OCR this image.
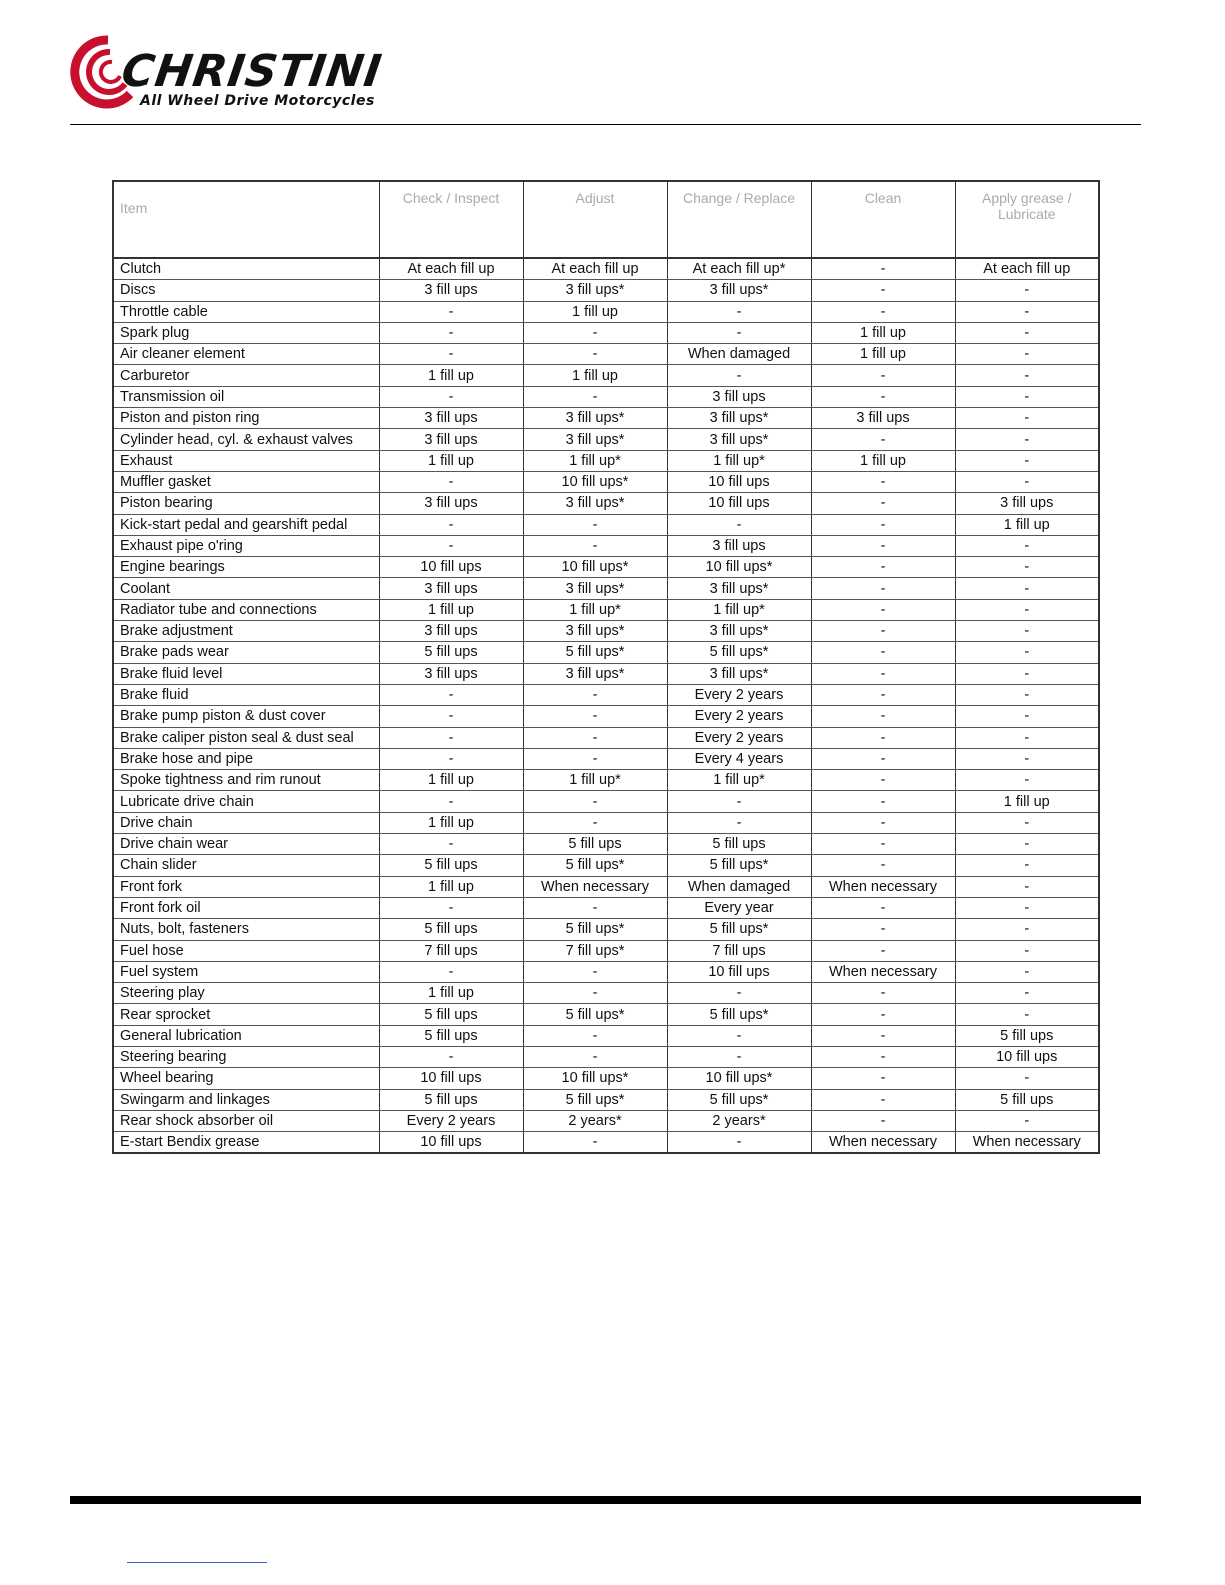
CHRISTINI
All Wheel Drive Motorcycles
Item	Check / Inspect	Adjust	Change / Replace	Clean	Apply grease / Lubricate
Clutch	At each fill up	At each fill up	At each fill up*	-	At each fill up
Discs	3 fill ups	3 fill ups*	3 fill ups*	-	-
Throttle cable	-	1 fill up	-	-	-
Spark plug	-	-	-	1 fill up	-
Air cleaner element	-	-	When damaged	1 fill up	-
Carburetor	1 fill up	1 fill up	-	-	-
Transmission oil	-	-	3 fill ups	-	-
Piston and piston ring	3 fill ups	3 fill ups*	3 fill ups*	3 fill ups	-
Cylinder head, cyl. & exhaust valves	3 fill ups	3 fill ups*	3 fill ups*	-	-
Exhaust	1 fill up	1 fill up*	1 fill up*	1 fill up	-
Muffler gasket	-	10 fill ups*	10 fill ups	-	-
Piston bearing	3 fill ups	3 fill ups*	10 fill ups	-	3 fill ups
Kick-start pedal and gearshift pedal	-	-	-	-	1 fill up
Exhaust pipe o'ring	-	-	3 fill ups	-	-
Engine bearings	10 fill ups	10 fill ups*	10 fill ups*	-	-
Coolant	3 fill ups	3 fill ups*	3 fill ups*	-	-
Radiator tube and connections	1 fill up	1 fill up*	1 fill up*	-	-
Brake adjustment	3 fill ups	3 fill ups*	3 fill ups*	-	-
Brake pads wear	5 fill ups	5 fill ups*	5 fill ups*	-	-
Brake fluid level	3 fill ups	3 fill ups*	3 fill ups*	-	-
Brake fluid	-	-	Every 2 years	-	-
Brake pump piston & dust cover	-	-	Every 2 years	-	-
Brake caliper piston seal & dust seal	-	-	Every 2 years	-	-
Brake hose and pipe	-	-	Every 4 years	-	-
Spoke tightness and rim runout	1 fill up	1 fill up*	1 fill up*	-	-
Lubricate drive chain	-	-	-	-	1 fill up
Drive chain	1 fill up	-	-	-	-
Drive chain wear	-	5 fill ups	5 fill ups	-	-
Chain slider	5 fill ups	5 fill ups*	5 fill ups*	-	-
Front fork	1 fill up	When necessary	When damaged	When necessary	-
Front fork oil	-	-	Every year	-	-
Nuts, bolt, fasteners	5 fill ups	5 fill ups*	5 fill ups*	-	-
Fuel hose	7 fill ups	7 fill ups*	7 fill ups	-	-
Fuel system	-	-	10 fill ups	When necessary	-
Steering play	1 fill up	-	-	-	-
Rear sprocket	5 fill ups	5 fill ups*	5 fill ups*	-	-
General lubrication	5 fill ups	-	-	-	5 fill ups
Steering bearing	-	-	-	-	10 fill ups
Wheel bearing	10 fill ups	10 fill ups*	10 fill ups*	-	-
Swingarm and linkages	5 fill ups	5 fill ups*	5 fill ups*	-	5 fill ups
Rear shock absorber oil	Every 2 years	2 years*	2 years*	-	-
E-start Bendix grease	10 fill ups	-	-	When necessary	When necessary
